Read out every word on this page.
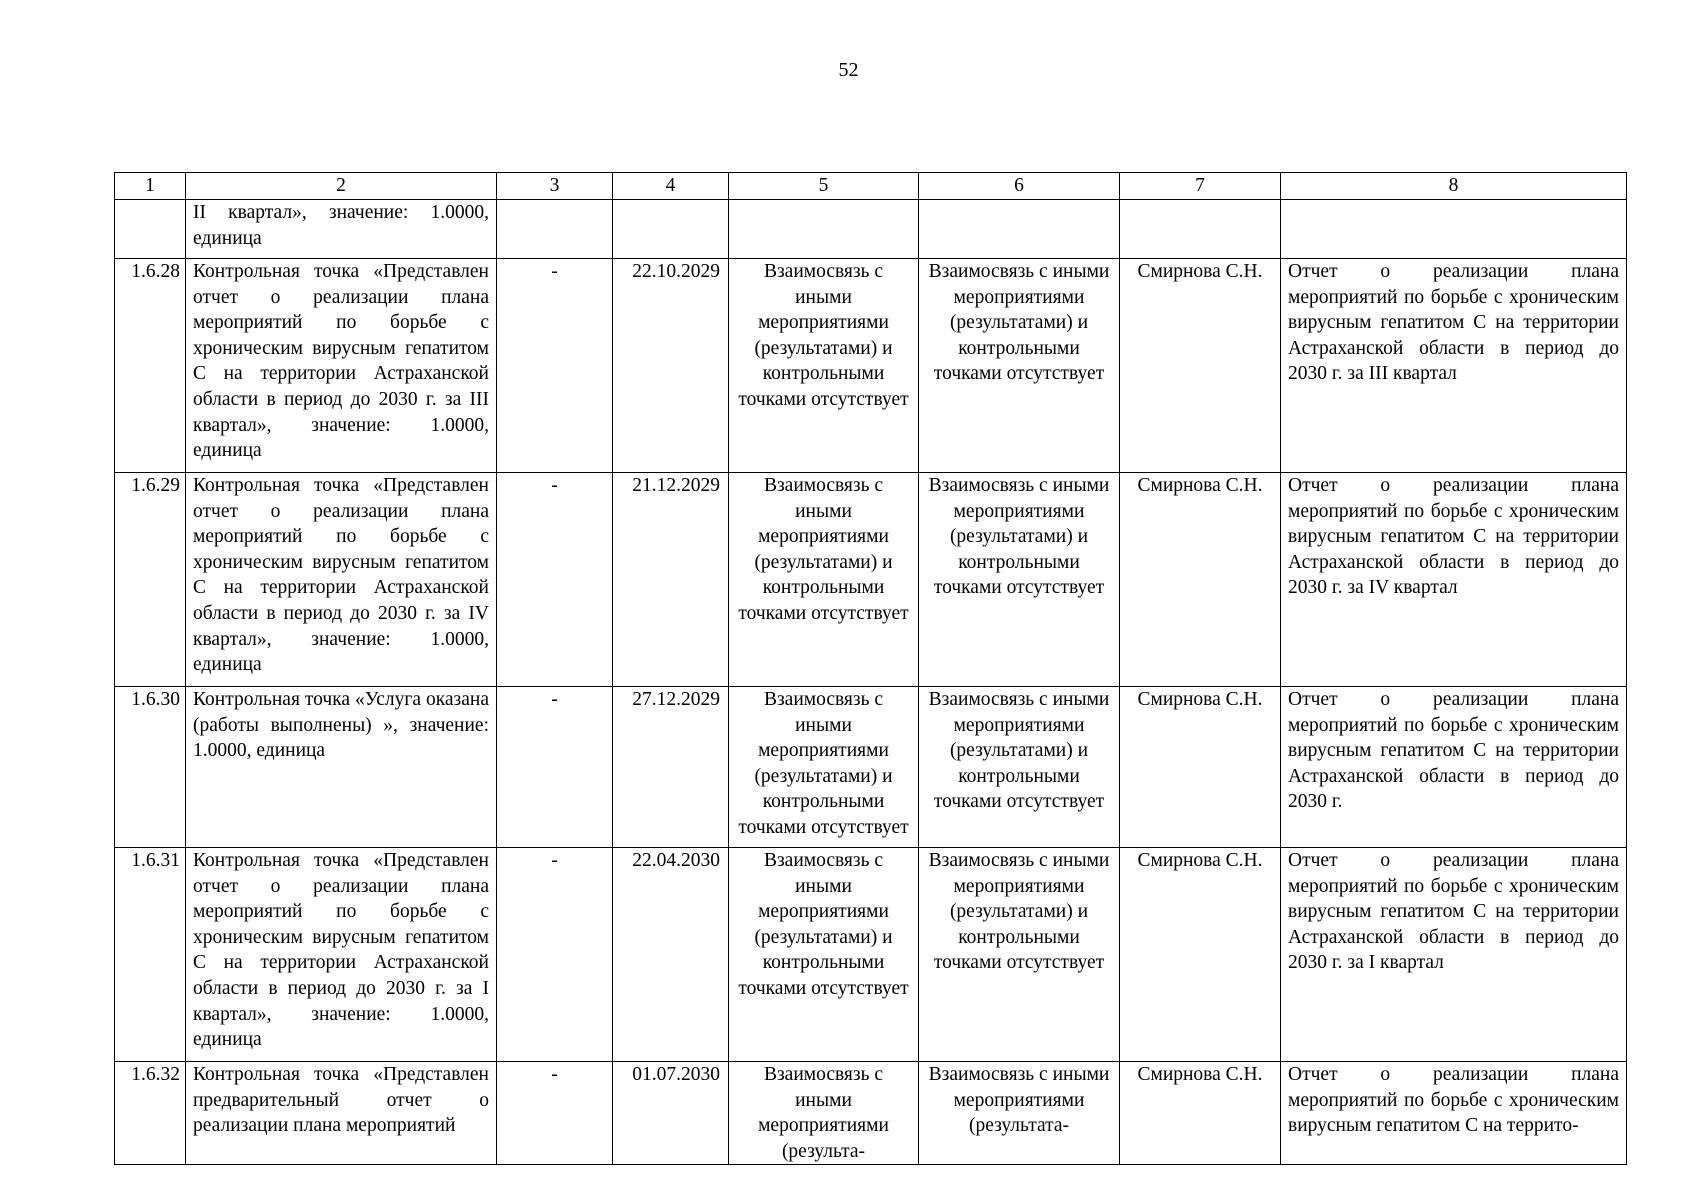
52
1	2	3	4	5	6	7	8
	II квартал», значение: 1.0000, единица						
1.6.28	Контрольная точка «Представлен отчет о реализации плана мероприятий по борьбе с хроническим вирусным гепатитом С на территории Астраханской области в период до 2030 г. за III квартал», значение: 1.0000, единица	-	22.10.2029	Взаимосвязь с иными мероприятиями (результатами) и контрольными точками отсутствует	Взаимосвязь с иными мероприятиями (результатами) и контрольными точками отсутствует	Смирнова С.Н.	Отчет о реализации плана мероприятий по борьбе с хроническим вирусным гепатитом С на территории Астраханской области в период до 2030 г. за III квартал
1.6.29	Контрольная точка «Представлен отчет о реализации плана мероприятий по борьбе с хроническим вирусным гепатитом С на территории Астраханской области в период до 2030 г. за IV квартал», значение: 1.0000, единица	-	21.12.2029	Взаимосвязь с иными мероприятиями (результатами) и контрольными точками отсутствует	Взаимосвязь с иными мероприятиями (результатами) и контрольными точками отсутствует	Смирнова С.Н.	Отчет о реализации плана мероприятий по борьбе с хроническим вирусным гепатитом С на территории Астраханской области в период до 2030 г. за IV квартал
1.6.30	Контрольная точка «Услуга оказана (работы выполнены) », значение: 1.0000, единица	-	27.12.2029	Взаимосвязь с иными мероприятиями (результатами) и контрольными точками отсутствует	Взаимосвязь с иными мероприятиями (результатами) и контрольными точками отсутствует	Смирнова С.Н.	Отчет о реализации плана мероприятий по борьбе с хроническим вирусным гепатитом С на территории Астраханской области в период до 2030 г.
1.6.31	Контрольная точка «Представлен отчет о реализации плана мероприятий по борьбе с хроническим вирусным гепатитом С на территории Астраханской области в период до 2030 г. за I квартал», значение: 1.0000, единица	-	22.04.2030	Взаимосвязь с иными мероприятиями (результатами) и контрольными точками отсутствует	Взаимосвязь с иными мероприятиями (результатами) и контрольными точками отсутствует	Смирнова С.Н.	Отчет о реализации плана мероприятий по борьбе с хроническим вирусным гепатитом С на территории Астраханской области в период до 2030 г. за I квартал
1.6.32	Контрольная точка «Представлен предварительный отчет о реализации плана мероприятий	-	01.07.2030	Взаимосвязь с иными мероприятиями (результа-	Взаимосвязь с иными мероприятиями (результата-	Смирнова С.Н.	Отчет о реализации плана мероприятий по борьбе с хроническим вирусным гепатитом С на террито-
